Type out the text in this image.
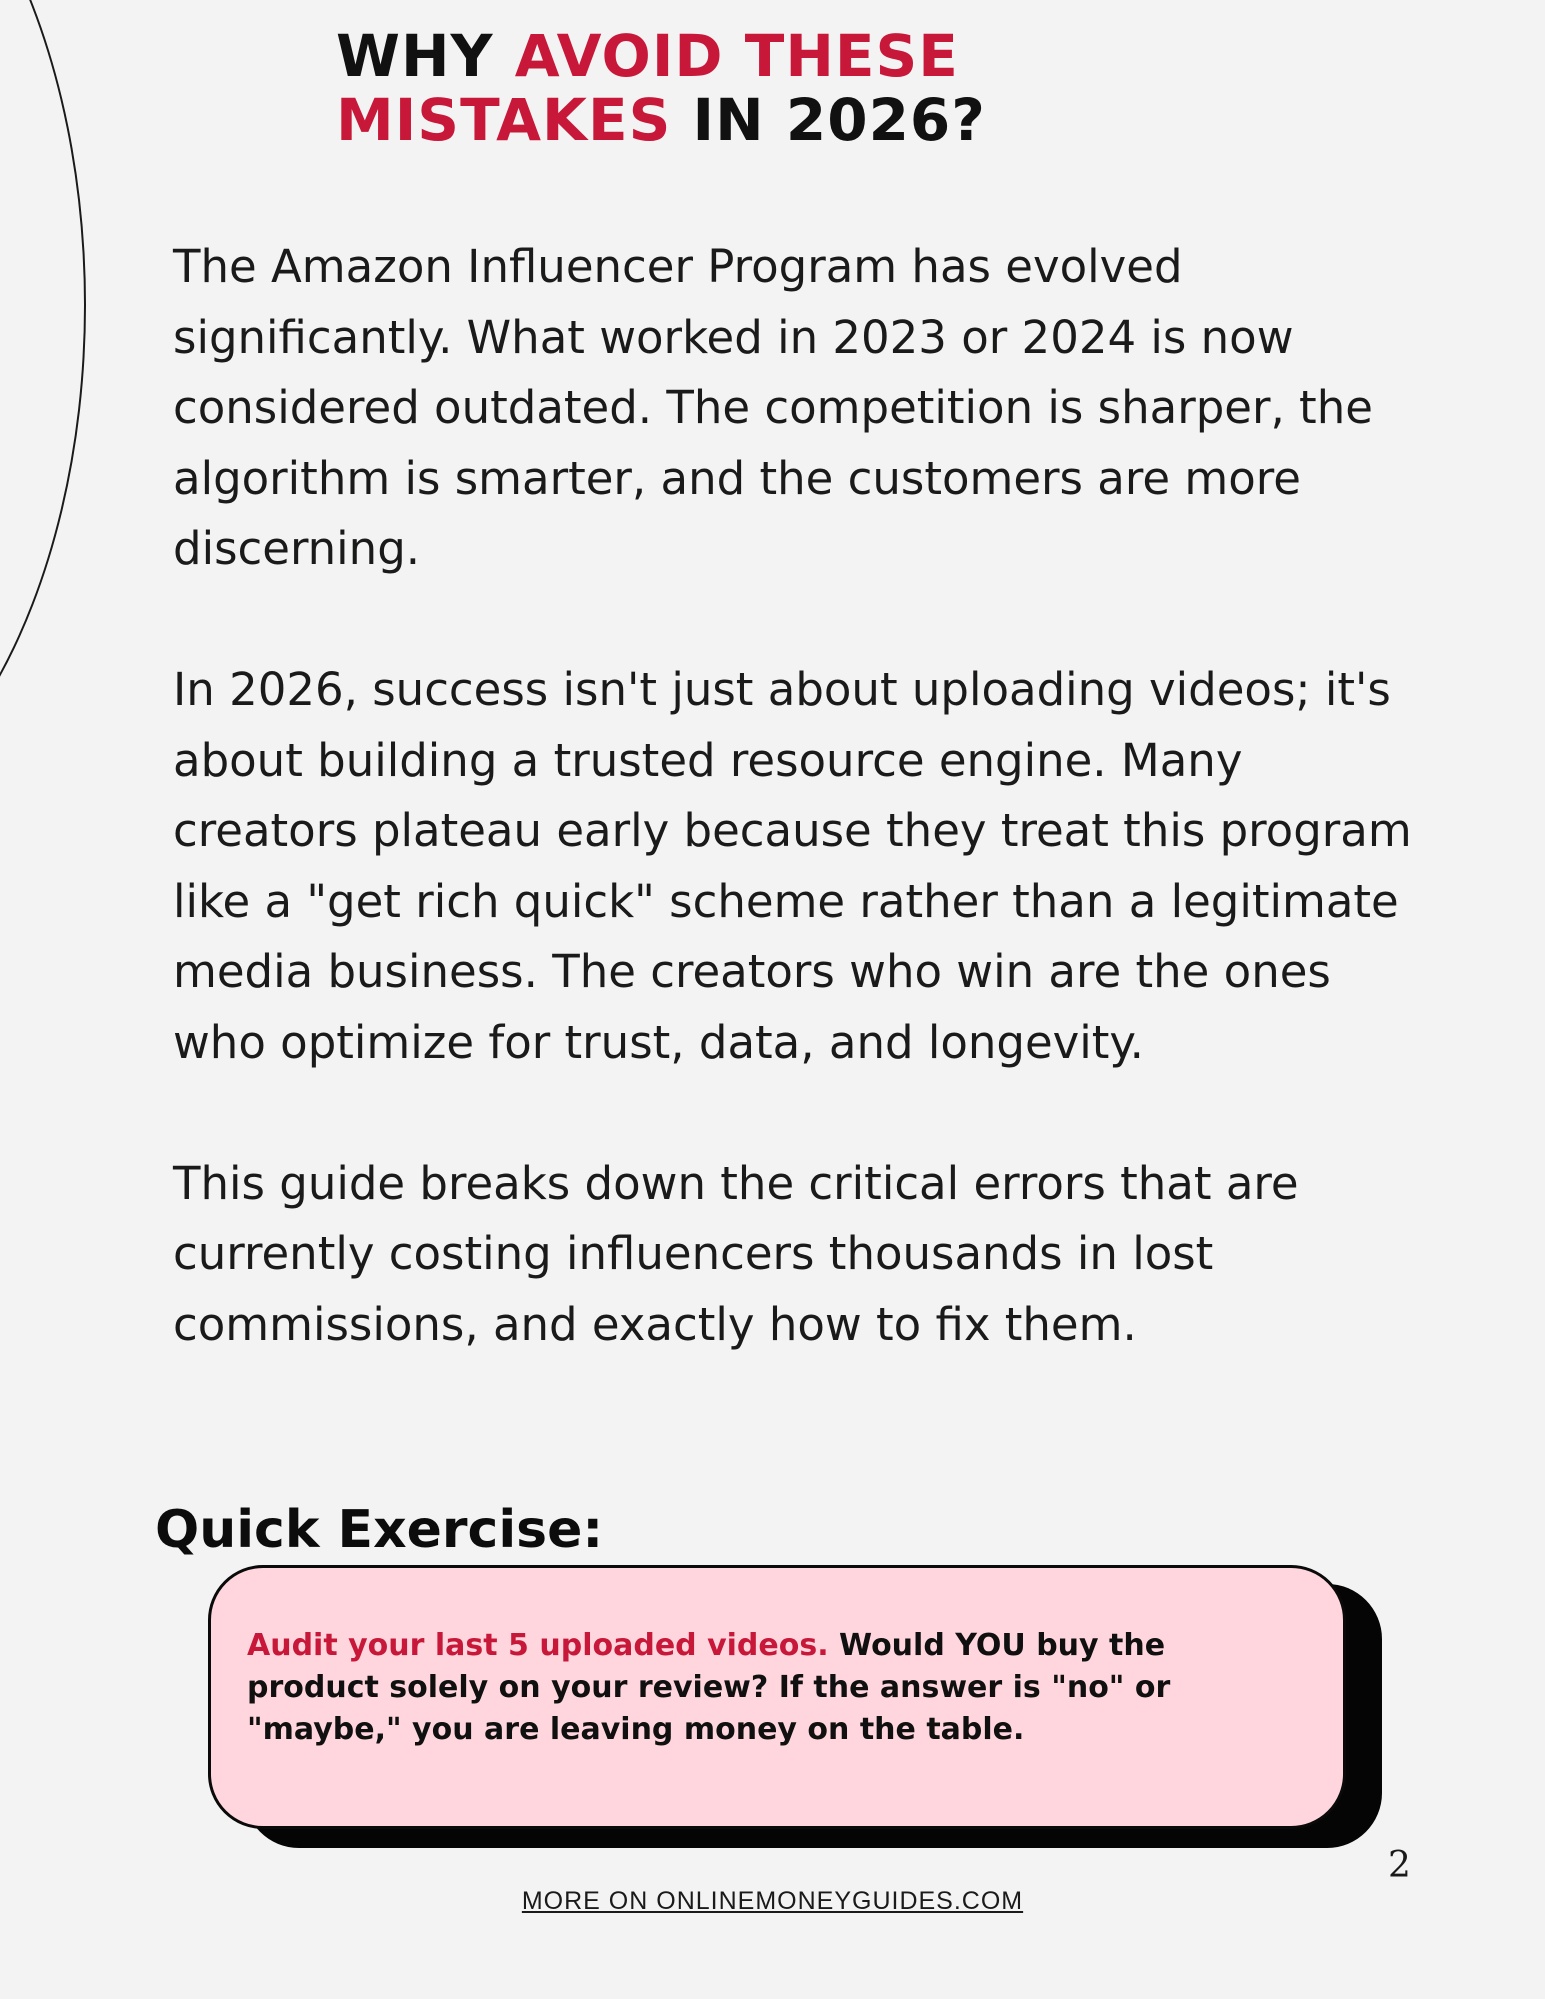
WHY AVOID THESE
MISTAKES IN 2026?

The Amazon Influencer Program has evolved significantly. What worked in 2023 or 2024 is now considered outdated. The competition is sharper, the algorithm is smarter, and the customers are more discerning.

In 2026, success isn't just about uploading videos; it's about building a trusted resource engine. Many creators plateau early because they treat this program like a "get rich quick" scheme rather than a legitimate media business. The creators who win are the ones who optimize for trust, data, and longevity.

This guide breaks down the critical errors that are currently costing influencers thousands in lost commissions, and exactly how to fix them.

Quick Exercise:

Audit your last 5 uploaded videos. Would YOU buy the product solely on your review? If the answer is "no" or "maybe," you are leaving money on the table.

2
MORE ON ONLINEMONEYGUIDES.COM
